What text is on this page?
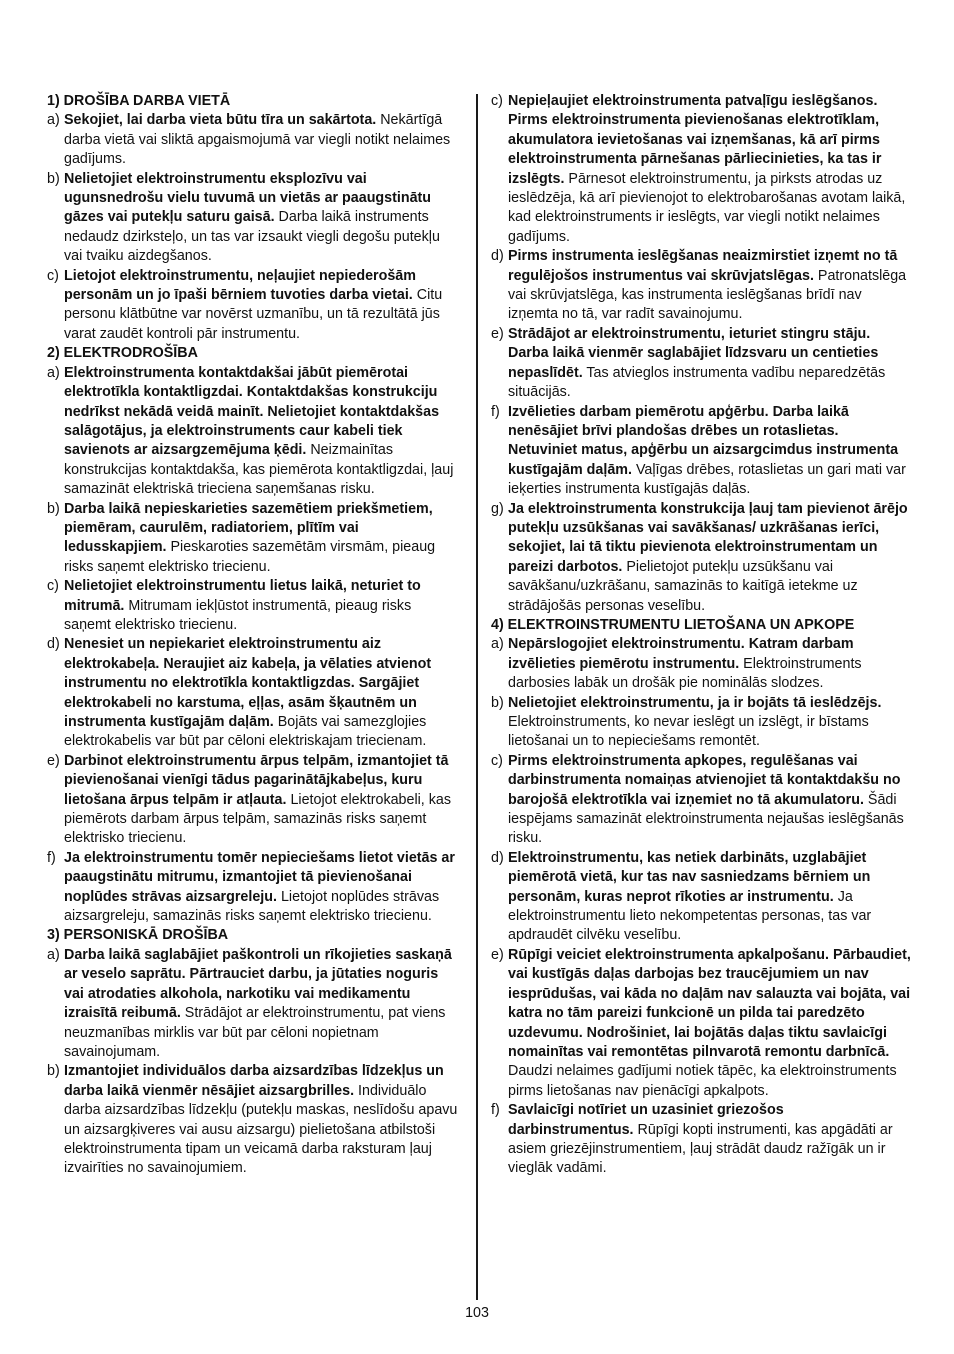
1) DROŠĪBA DARBA VIETĀ
a) Sekojiet, lai darba vieta būtu tīra un sakārtota. Nekārtīgā darba vietā vai sliktā apgaismojumā var viegli notikt nelaimes gadījums.
b) Nelietojiet elektroinstrumentu eksplozīvu vai ugunsnedrošu vielu tuvumā un vietās ar paaugstinātu gāzes vai putekļu saturu gaisā. Darba laikā instruments nedaudz dzirksteļo, un tas var izsaukt viegli degošu putekļu vai tvaiku aizdegšanos.
c) Lietojot elektroinstrumentu, neļaujiet nepiederošām personām un jo īpaši bērniem tuvoties darba vietai. Citu personu klātbūtne var novērst uzmanību, un tā rezultātā jūs varat zaudēt kontroli pār instrumentu.
2) ELEKTRODROŠĪBA
a) Elektroinstrumenta kontaktdakšai jābūt piemērotai elektrotīkla kontaktligzdai. Kontaktdakšas konstrukciju nedrīkst nekādā veidā mainīt. Nelietojiet kontaktdakšas salāgotājus, ja elektroinstruments caur kabeli tiek savienots ar aizsargzemējuma ķēdi. Neizmainītas konstrukcijas kontaktdakša, kas piemērota kontaktligzdai, ļauj samazināt elektriskā trieciena saņemšanas risku.
b) Darba laikā nepieskarieties sazemētiem priekšmetiem, piemēram, caurulēm, radiatoriem, plītīm vai ledusskapjiem. Pieskaroties sazemētām virsmām, pieaug risks saņemt elektrisko triecienu.
c) Nelietojiet elektroinstrumentu lietus laikā, neturiet to mitrumā. Mitrumam iekļūstot instrumentā, pieaug risks saņemt elektrisko triecienu.
d) Nenesiet un nepiekariet elektroinstrumentu aiz elektrokabeļa. Neraujiet aiz kabeļa, ja vēlaties atvienot instrumentu no elektrotīkla kontaktligzdas. Sargājiet elektrokabeli no karstuma, eļļas, asām šķautnēm un instrumenta kustīgajām daļām. Bojāts vai samezglojies elektrokabelis var būt par cēloni elektriskajam triecienam.
e) Darbinot elektroinstrumentu ārpus telpām, izmantojiet tā pievienošanai vienīgi tādus pagarinātājkabeļus, kuru lietošana ārpus telpām ir atļauta. Lietojot elektrokabeli, kas piemērots darbam ārpus telpām, samazinās risks saņemt elektrisko triecienu.
f) Ja elektroinstrumentu tomēr nepieciešams lietot vietās ar paaugstinātu mitrumu, izmantojiet tā pievienošanai noplūdes strāvas aizsargreleju. Lietojot noplūdes strāvas aizsargreleju, samazinās risks saņemt elektrisko triecienu.
3) PERSONISKĀ DROŠĪBA
a) Darba laikā saglabājiet paškontroli un rīkojieties saskaņā ar veselo saprātu. Pārtrauciet darbu, ja jūtaties noguris vai atrodaties alkohola, narkotiku vai medikamentu izraisītā reibumā. Strādājot ar elektroinstrumentu, pat viens neuzmanības mirklis var būt par cēloni nopietnam savainojumam.
b) Izmantojiet individuālos darba aizsardzības līdzekļus un darba laikā vienmēr nēsājiet aizsargbrilles. Individuālo darba aizsardzības līdzekļu (putekļu maskas, neslīdošu apavu un aizsargķiveres vai ausu aizsargu) pielietošana atbilstoši elektroinstrumenta tipam un veicamā darba raksturam ļauj izvairīties no savainojumiem.
c) Nepieļaujiet elektroinstrumenta patvaļīgu ieslēgšanos. Pirms elektroinstrumenta pievienošanas elektrotīklam, akumulatora ievietošanas vai izņemšanas, kā arī pirms elektroinstrumenta pārnešanas pārliecinieties, ka tas ir izslēgts. Pārnesot elektroinstrumentu, ja pirksts atrodas uz ieslēdzēja, kā arī pievienojot to elektrobarošanas avotam laikā, kad elektroinstruments ir ieslēgts, var viegli notikt nelaimes gadījums.
d) Pirms instrumenta ieslēgšanas neaizmirstiet izņemt no tā regulējošos instrumentus vai skrūvjatslēgas. Patronatslēga vai skrūvjatslēga, kas instrumenta ieslēgšanas brīdī nav izņemta no tā, var radīt savainojumu.
e) Strādājot ar elektroinstrumentu, ieturiet stingru stāju. Darba laikā vienmēr saglabājiet līdzsvaru un centieties nepaslīdēt. Tas atvieglos instrumenta vadību neparedzētās situācijās.
f) Izvēlieties darbam piemērotu apģērbu. Darba laikā nenēsājiet brīvi plandošas drēbes un rotaslietas. Netuviniet matus, apģērbu un aizsargcimdus instrumenta kustīgajām daļām. Vaļīgas drēbes, rotaslietas un gari mati var ieķerties instrumenta kustīgajās daļās.
g) Ja elektroinstrumenta konstrukcija ļauj tam pievienot ārējo putekļu uzsūkšanas vai savākšanas/ uzkrāšanas ierīci, sekojiet, lai tā tiktu pievienota elektroinstrumentam un pareizi darbotos. Pielietojot putekļu uzsūkšanu vai savākšanu/uzkrāšanu, samazinās to kaitīgā ietekme uz strādājošās personas veselību.
4) ELEKTROINSTRUMENTU LIETOŠANA UN APKOPE
a) Nepārslogojiet elektroinstrumentu. Katram darbam izvēlieties piemērotu instrumentu. Elektroinstruments darbosies labāk un drošāk pie nominālās slodzes.
b) Nelietojiet elektroinstrumentu, ja ir bojāts tā ieslēdzējs. Elektroinstruments, ko nevar ieslēgt un izslēgt, ir bīstams lietošanai un to nepieciešams remontēt.
c) Pirms elektroinstrumenta apkopes, regulēšanas vai darbinstrumenta nomaiņas atvienojiet tā kontaktdakšu no barojošā elektrotīkla vai izņemiet no tā akumulatoru. Šādi iespējams samazināt elektroinstrumenta nejaušas ieslēgšanās risku.
d) Elektroinstrumentu, kas netiek darbināts, uzglabājiet piemērotā vietā, kur tas nav sasniedzams bērniem un personām, kuras neprot rīkoties ar instrumentu. Ja elektroinstrumentu lieto nekompetentas personas, tas var apdraudēt cilvēku veselību.
e) Rūpīgi veiciet elektroinstrumenta apkalpošanu. Pārbaudiet, vai kustīgās daļas darbojas bez traucējumiem un nav iesprūdušas, vai kāda no daļām nav salauzta vai bojāta, vai katra no tām pareizi funkcionē un pilda tai paredzēto uzdevumu. Nodrošiniet, lai bojātās daļas tiktu savlaicīgi nomainītas vai remontētas pilnvarotā remontu darbnīcā. Daudzi nelaimes gadījumi notiek tāpēc, ka elektroinstruments pirms lietošanas nav pienācīgi apkalpots.
f) Savlaicīgi notīriet un uzasiniet griezošos darbinstrumentus. Rūpīgi kopti instrumenti, kas apgādāti ar asiem griezējinstrumentiem, ļauj strādāt daudz ražīgāk un ir vieglāk vadāmi.
103
